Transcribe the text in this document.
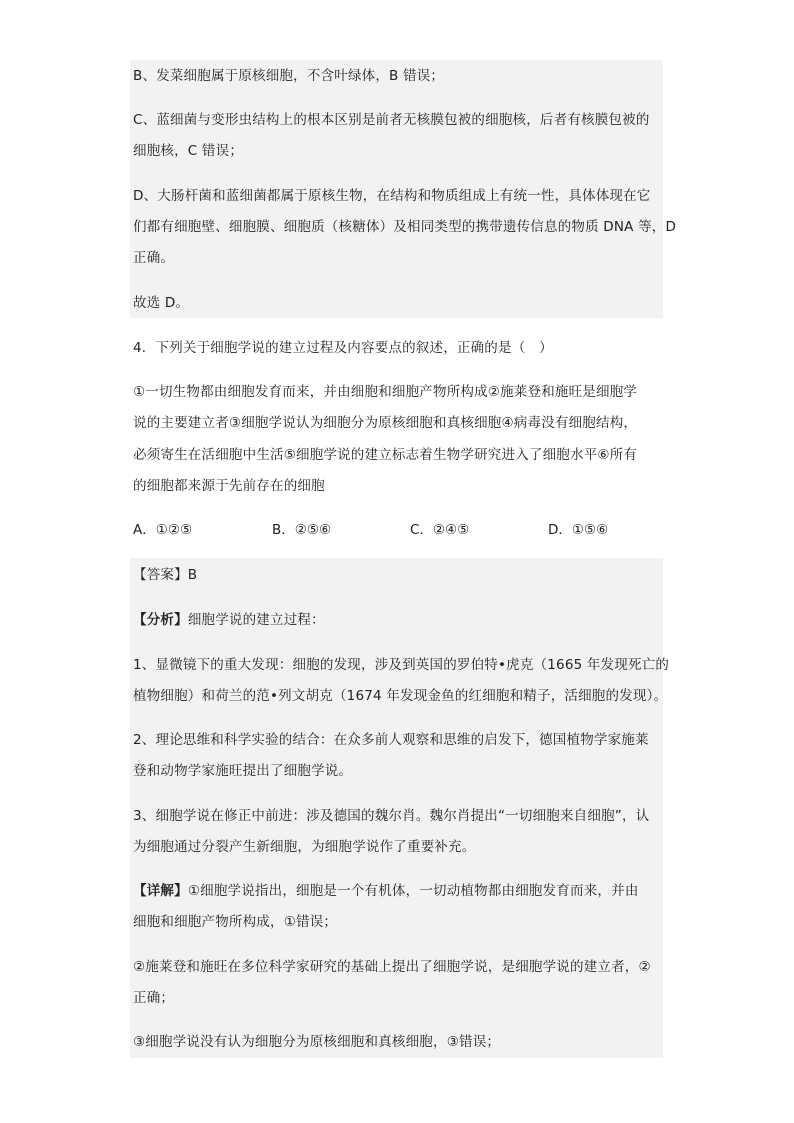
B、发菜细胞属于原核细胞，不含叶绿体，B 错误；
C、蓝细菌与变形虫结构上的根本区别是前者无核膜包被的细胞核，后者有核膜包被的
细胞核，C 错误；
D、大肠杆菌和蓝细菌都属于原核生物，在结构和物质组成上有统一性，具体体现在它
们都有细胞壁、细胞膜、细胞质（核糖体）及相同类型的携带遗传信息的物质 DNA 等，D
正确。
故选 D。
4．下列关于细胞学说的建立过程及内容要点的叙述，正确的是（　）
①一切生物都由细胞发育而来，并由细胞和细胞产物所构成②施莱登和施旺是细胞学
说的主要建立者③细胞学说认为细胞分为原核细胞和真核细胞④病毒没有细胞结构，
必须寄生在活细胞中生活⑤细胞学说的建立标志着生物学研究进入了细胞水平⑥所有
的细胞都来源于先前存在的细胞
A．①②⑤	B．②⑤⑥	C．②④⑤	D．①⑤⑥
【答案】B
【分析】细胞学说的建立过程：
1、显微镜下的重大发现：细胞的发现，涉及到英国的罗伯特•虎克（1665 年发现死亡的
植物细胞）和荷兰的范•列文胡克（1674 年发现金鱼的红细胞和精子，活细胞的发现）。
2、理论思维和科学实验的结合：在众多前人观察和思维的启发下，德国植物学家施莱
登和动物学家施旺提出了细胞学说。
3、细胞学说在修正中前进：涉及德国的魏尔肖。魏尔肖提出“一切细胞来自细胞”，认
为细胞通过分裂产生新细胞，为细胞学说作了重要补充。
【详解】①细胞学说指出，细胞是一个有机体，一切动植物都由细胞发育而来，并由
细胞和细胞产物所构成，①错误；
②施莱登和施旺在多位科学家研究的基础上提出了细胞学说，是细胞学说的建立者，②
正确；
③细胞学说没有认为细胞分为原核细胞和真核细胞，③错误；
